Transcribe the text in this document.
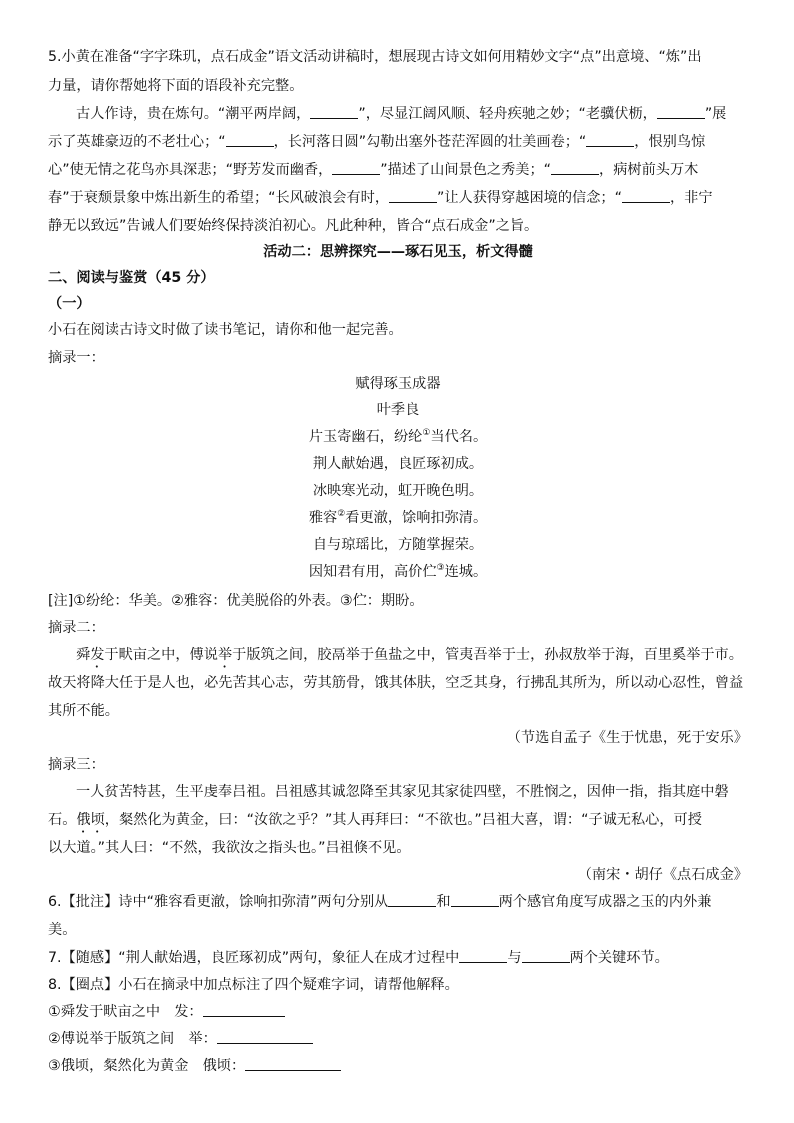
5.小黄在准备“字字珠玑，点石成金”语文活动讲稿时，想展现古诗文如何用精妙文字“点”出意境、“炼”出
力量，请你帮她将下面的语段补充完整。
古人作诗，贵在炼句。“潮平两岸阔，	”，尽显江阔风顺、轻舟疾驰之妙；“老骥伏枥，	”展
示了英雄豪迈的不老壮心；“	，长河落日圆”勾勒出塞外苍茫浑圆的壮美画卷；“	，恨别鸟惊
心”使无情之花鸟亦具深悲；“野芳发而幽香，	”描述了山间景色之秀美；“	，病树前头万木
春”于衰颓景象中炼出新生的希望；“长风破浪会有时，	”让人获得穿越困境的信念；“	，非宁
静无以致远”告诫人们要始终保持淡泊初心。凡此种种，皆合“点石成金”之旨。
活动二：思辨探究——琢石见玉，析文得髓
二、阅读与鉴赏（45 分）
（一）
小石在阅读古诗文时做了读书笔记，请你和他一起完善。
摘录一：
赋得琢玉成器
叶季良
片玉寄幽石，纷纶①当代名。
荆人献始遇，良匠琢初成。
冰映寒光动，虹开晚色明。
雅容②看更澈，馀响扣弥清。
自与琼瑶比，方随掌握荣。
因知君有用，高价伫③连城。
[注]①纷纶：华美。②雅容：优美脱俗的外表。③伫：期盼。
摘录二：
舜发于畎亩之中，傅说举于版筑之间，胶鬲举于鱼盐之中，管夷吾举于士，孙叔敖举于海，百里奚举于市。
故天将降大任于是人也，必先苦其心志，劳其筋骨，饿其体肤，空乏其身，行拂乱其所为，所以动心忍性，曾益
其所不能。
（节选自孟子《生于忧患，死于安乐》
摘录三：
一人贫苦特甚，生平虔奉吕祖。吕祖感其诚忽降至其家见其家徒四壁，不胜悯之，因伸一指，指其庭中磐
石。俄顷，粲然化为黄金，曰：“汝欲之乎？”其人再拜曰：“不欲也。”吕祖大喜，谓：“子诚无私心，可授
以大道。”其人曰：“不然，我欲汝之指头也。”吕祖倏不见。
（南宋・胡仔《点石成金》
6.【批注】诗中“雅容看更澈，馀响扣弥清”两句分别从	和	两个感官角度写成器之玉的内外兼
美。
7.【随感】“荆人献始遇，良匠琢初成”两句，象征人在成才过程中	与	两个关键环节。
8.【圈点】小石在摘录中加点标注了四个疑难字词，请帮他解释。
①舜发于畎亩之中　发：
②傅说举于版筑之间　举：
③俄顷，粲然化为黄金　俄顷：
